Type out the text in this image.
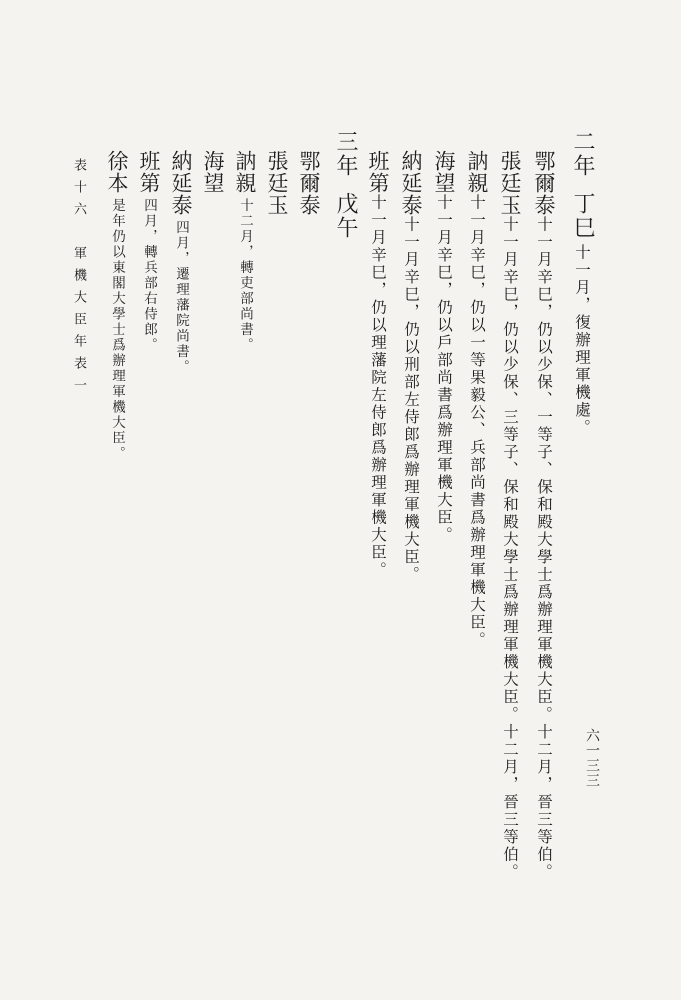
二年丁巳十一月，復辦理軍機處。
鄂爾泰十一月辛巳，仍以少保、一等子、保和殿大學士爲辦理軍機大臣。十二月，晉三等伯。
張廷玉十一月辛巳，仍以少保、三等子、保和殿大學士爲辦理軍機大臣。十二月，晉三等伯。
訥親十一月辛巳，仍以一等果毅公、兵部尚書爲辦理軍機大臣。
海望十一月辛巳，仍以戶部尚書爲辦理軍機大臣。
納延泰十一月辛巳，仍以刑部左侍郎爲辦理軍機大臣。
班第十一月辛巳，仍以理藩院左侍郎爲辦理軍機大臣。
三年戊午
鄂爾泰
張廷玉
訥親十二月，轉吏部尚書。
海望
納延泰四月，遷理藩院尚書。
班第四月，轉兵部右侍郎。
徐本是年仍以東閣大學士爲辦理軍機大臣。
表十六　軍機大臣年表一
六一三三
